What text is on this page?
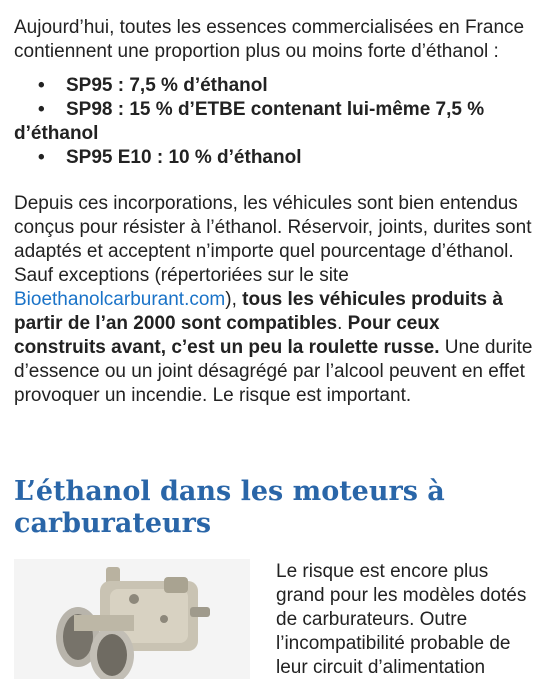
Aujourd’hui, toutes les essences commercialisées en France contiennent une proportion plus ou moins forte d’éthanol :

•	SP95 : 7,5 % d’éthanol
•	SP98 : 15 % d’ETBE contenant lui-même 7,5 % d’éthanol
•	SP95 E10 : 10 % d’éthanol

Depuis ces incorporations, les véhicules sont bien entendus conçus pour résister à l’éthanol. Réservoir, joints, durites sont adaptés et acceptent n’importe quel pourcentage d’éthanol. Sauf exceptions (répertoriées sur le site Bioethanolcarburant.com), tous les véhicules produits à partir de l’an 2000 sont compatibles. Pour ceux construits avant, c’est un peu la roulette russe. Une durite d’essence ou un joint désagrégé par l’alcool peuvent en effet provoquer un incendie. Le risque est important.

L’éthanol dans les moteurs à carburateurs
Le risque est encore plus grand pour les modèles dotés de carburateurs. Outre l’incompatibilité probable de leur circuit d’alimentation
